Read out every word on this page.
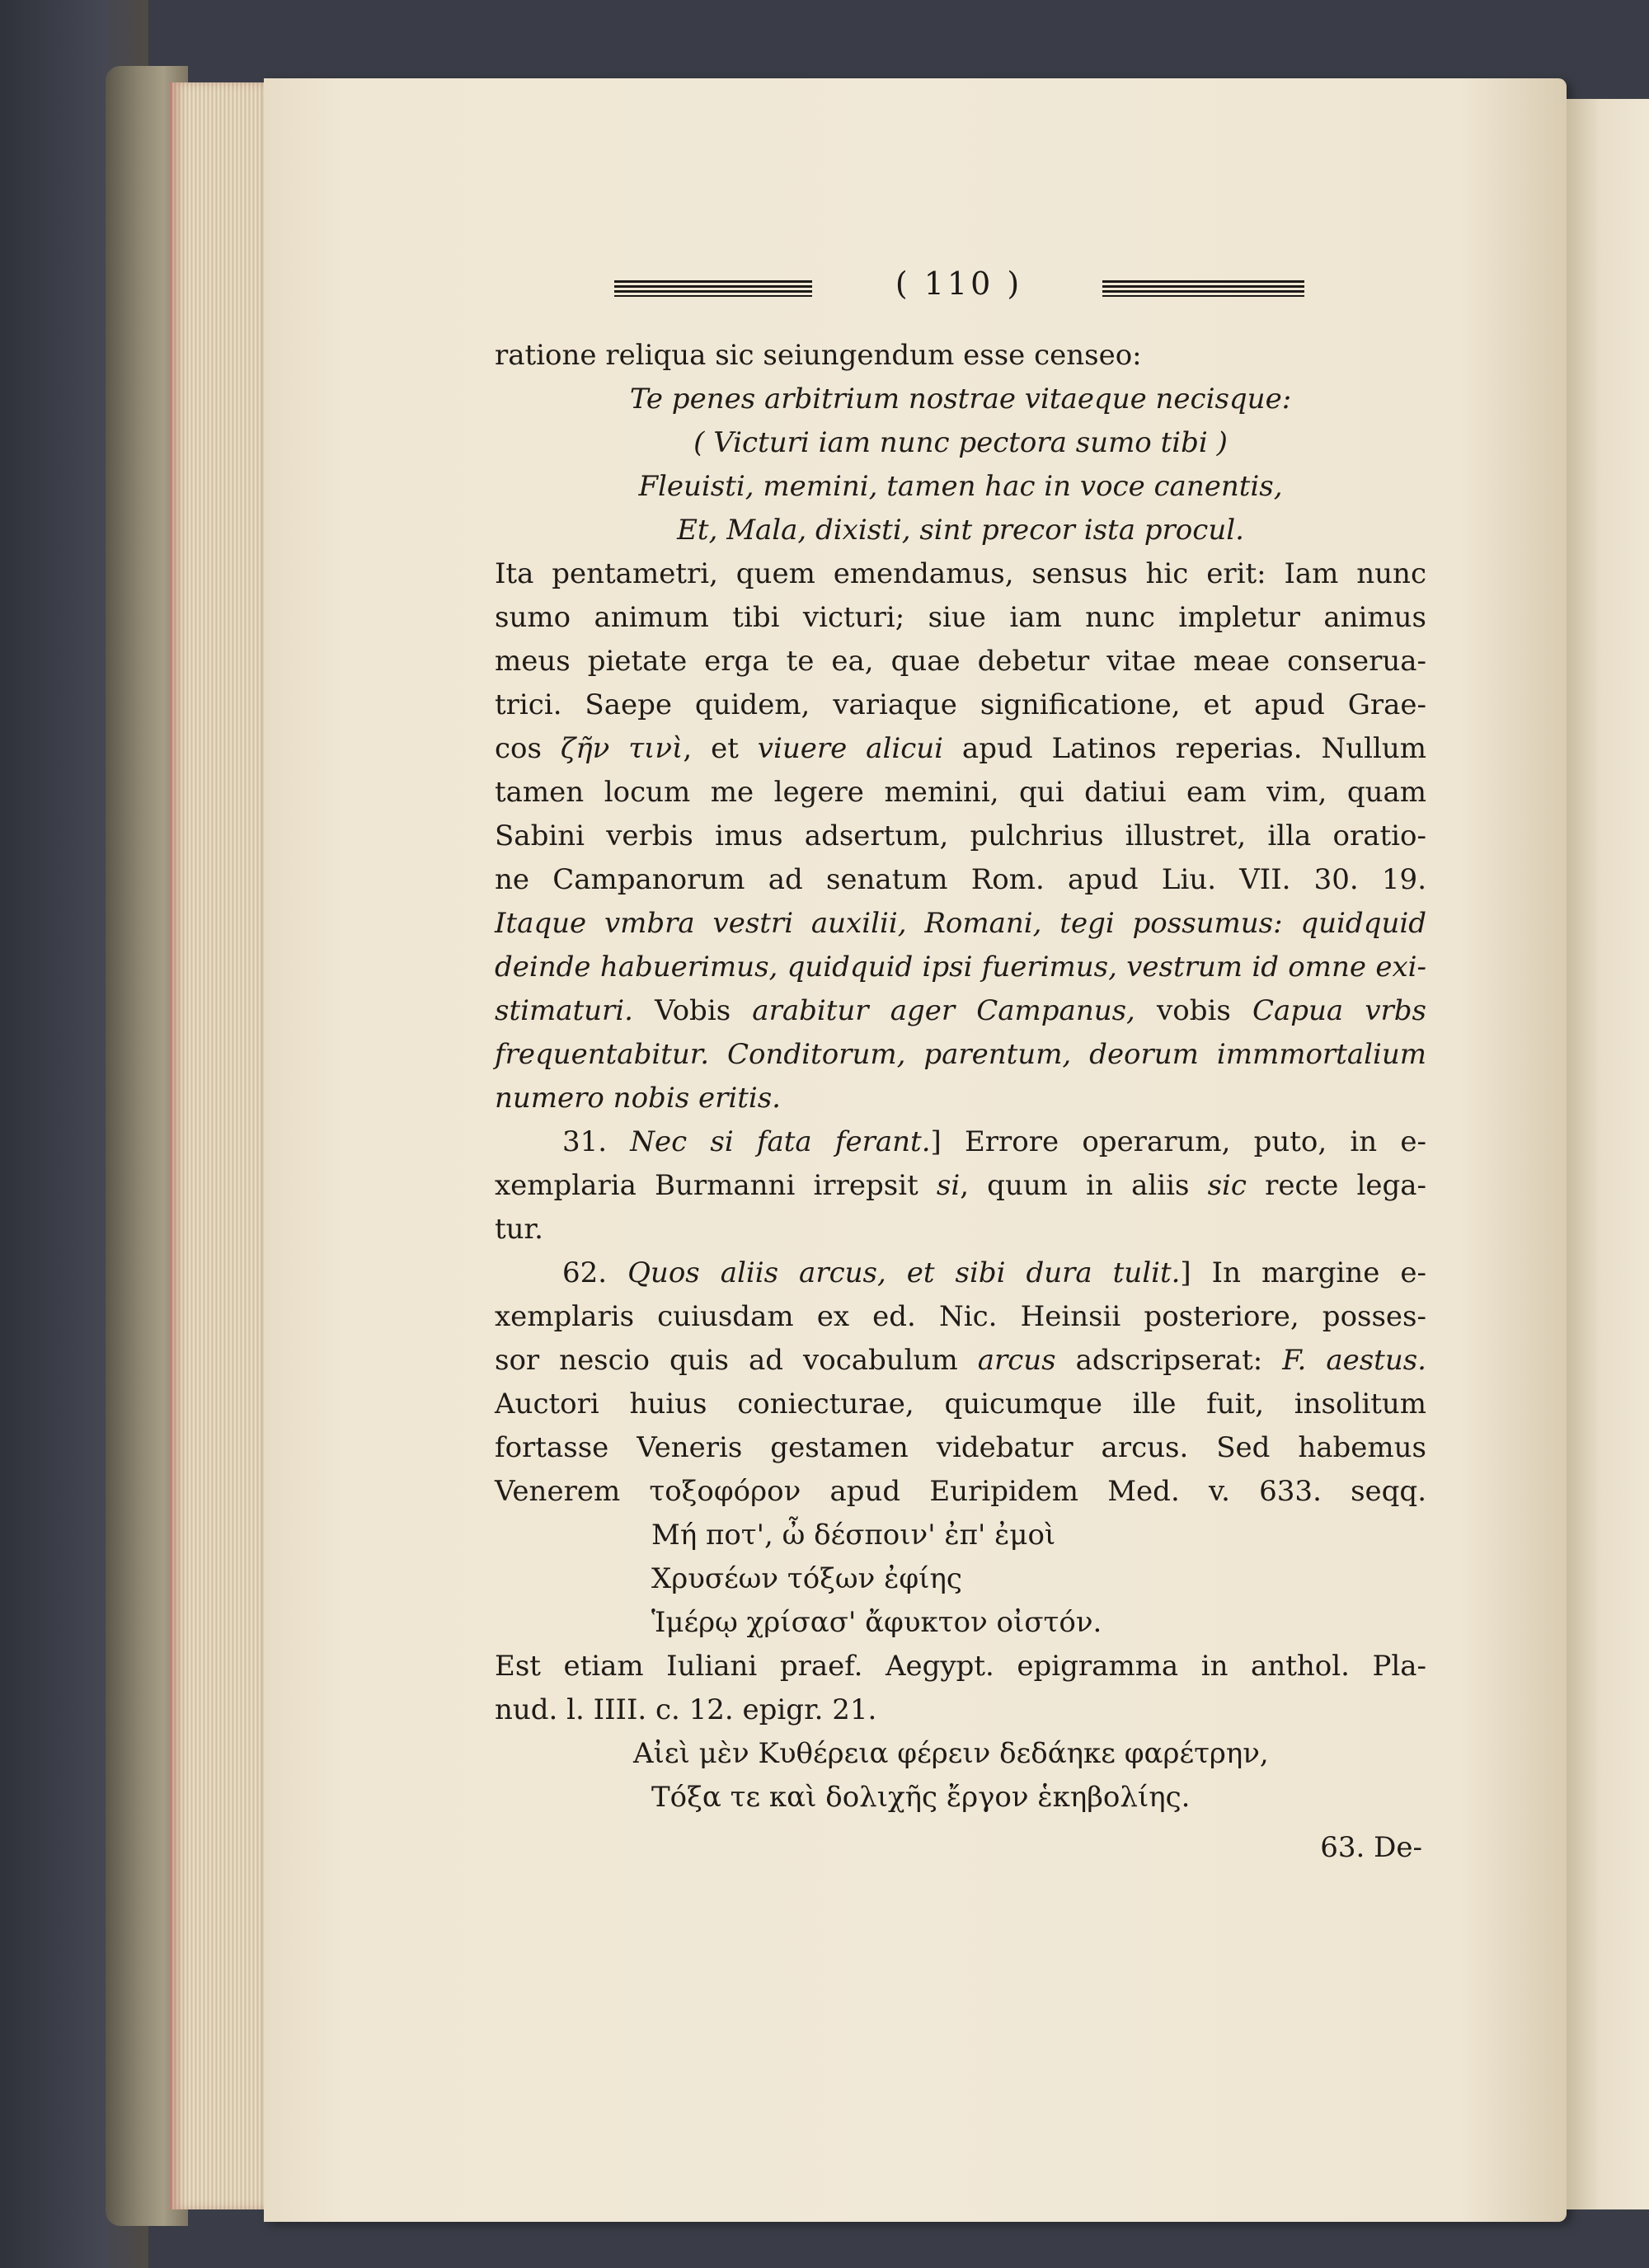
( 110 )
ratione reliqua sic seiungendum esse censeo:
Te penes arbitrium nostrae vitaeque necisque:
( Victuri iam nunc pectora sumo tibi )
Fleuisti, memini, tamen hac in voce canentis,
Et, Mala, dixisti, sint precor ista procul.
Ita pentametri, quem emendamus, sensus hic erit: Iam nunc
sumo animum tibi victuri; siue iam nunc impletur animus
meus pietate erga te ea, quae debetur vitae meae conserua-
trici. Saepe quidem, variaque significatione, et apud Grae-
cos ζῆν τινὶ, et viuere alicui apud Latinos reperias. Nullum
tamen locum me legere memini, qui datiui eam vim, quam
Sabini verbis imus adsertum, pulchrius illustret, illa oratio-
ne Campanorum ad senatum Rom. apud Liu. VII. 30. 19.
Itaque vmbra vestri auxilii, Romani, tegi possumus: quidquid
deinde habuerimus, quidquid ipsi fuerimus, vestrum id omne exi-
stimaturi. Vobis arabitur ager Campanus, vobis Capua vrbs
frequentabitur. Conditorum, parentum, deorum immmortalium
numero nobis eritis.
31. Nec si fata ferant.] Errore operarum, puto, in e-
xemplaria Burmanni irrepsit si, quum in aliis sic recte lega-
tur.
62. Quos aliis arcus, et sibi dura tulit.] In margine e-
xemplaris cuiusdam ex ed. Nic. Heinsii posteriore, posses-
sor nescio quis ad vocabulum arcus adscripserat: F. aestus.
Auctori huius coniecturae, quicumque ille fuit, insolitum
fortasse Veneris gestamen videbatur arcus. Sed habemus
Venerem τοξοφόρον apud Euripidem Med. v. 633. seqq.
Μή ποτ', ὦ δέσποιν' ἐπ' ἐμοὶ
Χρυσέων τόξων ἐφίης
Ἱμέρῳ χρίσασ' ἄφυκτον οἰστόν.
Est etiam Iuliani praef. Aegypt. epigramma in anthol. Pla-
nud. l. IIII. c. 12. epigr. 21.
Αἰεὶ μὲν Κυθέρεια φέρειν δεδάηκε φαρέτρην,
Τόξα τε καὶ δολιχῆς ἔργον ἑκηβολίης.
63. De-
